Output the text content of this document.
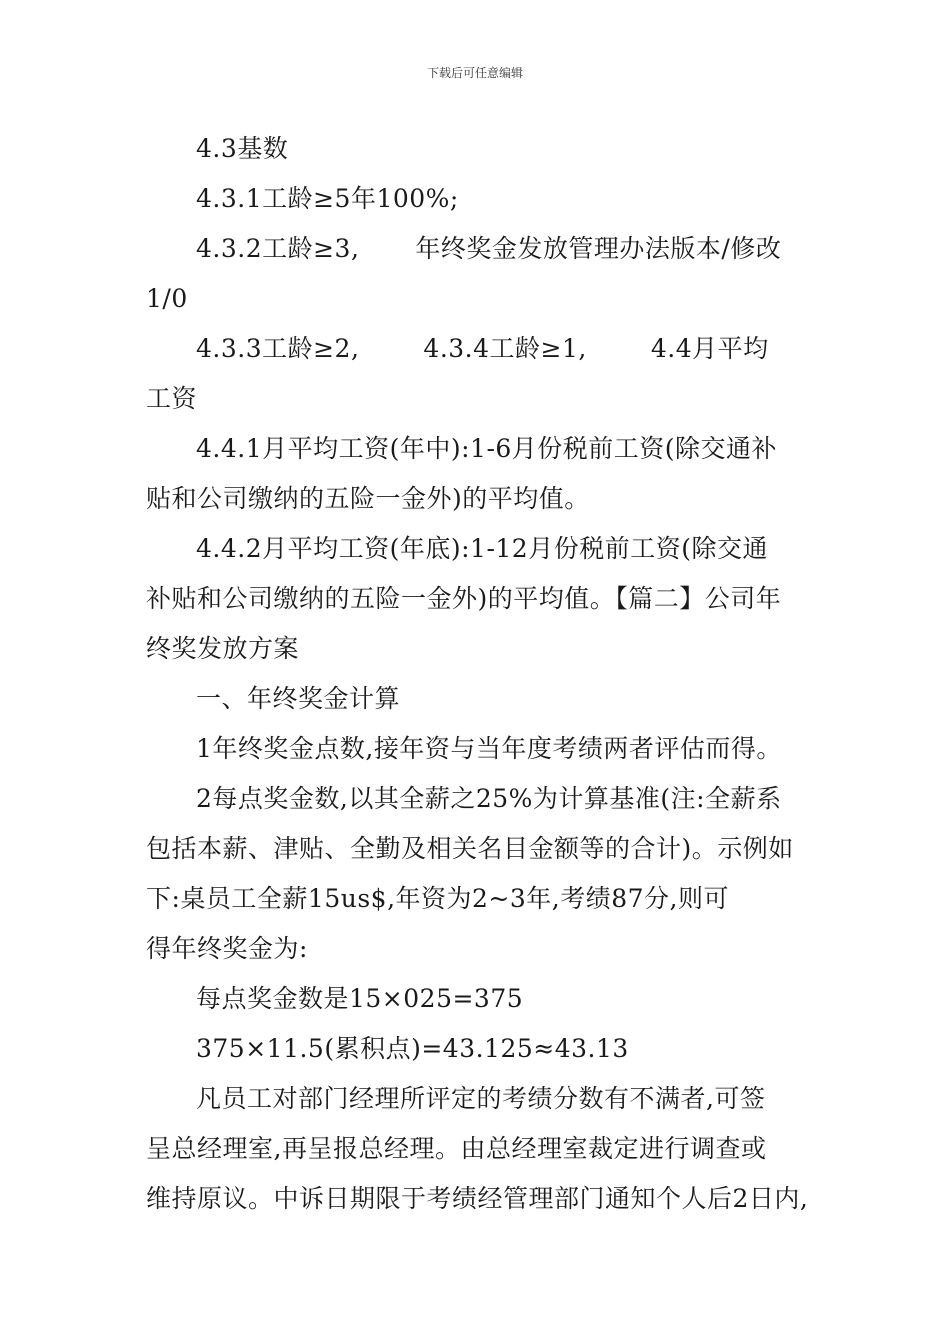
下载后可任意编辑
4.3基数
4.3.1工龄≥5年100%;
4.3.2工龄≥3, 年终奖金发放管理办法版本/修改
1/0
4.3.3工龄≥2,	4.3.4工龄≥1,	4.4月平均
工资
4.4.1月平均工资(年中):1-6月份税前工资(除交通补
贴和公司缴纳的五险一金外)的平均值。
4.4.2月平均工资(年底):1-12月份税前工资(除交通
补贴和公司缴纳的五险一金外)的平均值。【篇二】公司年
终奖发放方案
一、年终奖金计算
1年终奖金点数,接年资与当年度考绩两者评估而得。
2每点奖金数,以其全薪之25%为计算基准(注:全薪系
包括本薪、津贴、全勤及相关名目金额等的合计)。示例如
下:桌员工全薪15us$,年资为2~3年,考绩87分,则可
得年终奖金为:
每点奖金数是15×025=375
375×11.5(累积点)=43.125≈43.13
凡员工对部门经理所评定的考绩分数有不满者,可签
呈总经理室,再呈报总经理。由总经理室裁定进行调查或
维持原议。中诉日期限于考绩经管理部门通知个人后2日内,
